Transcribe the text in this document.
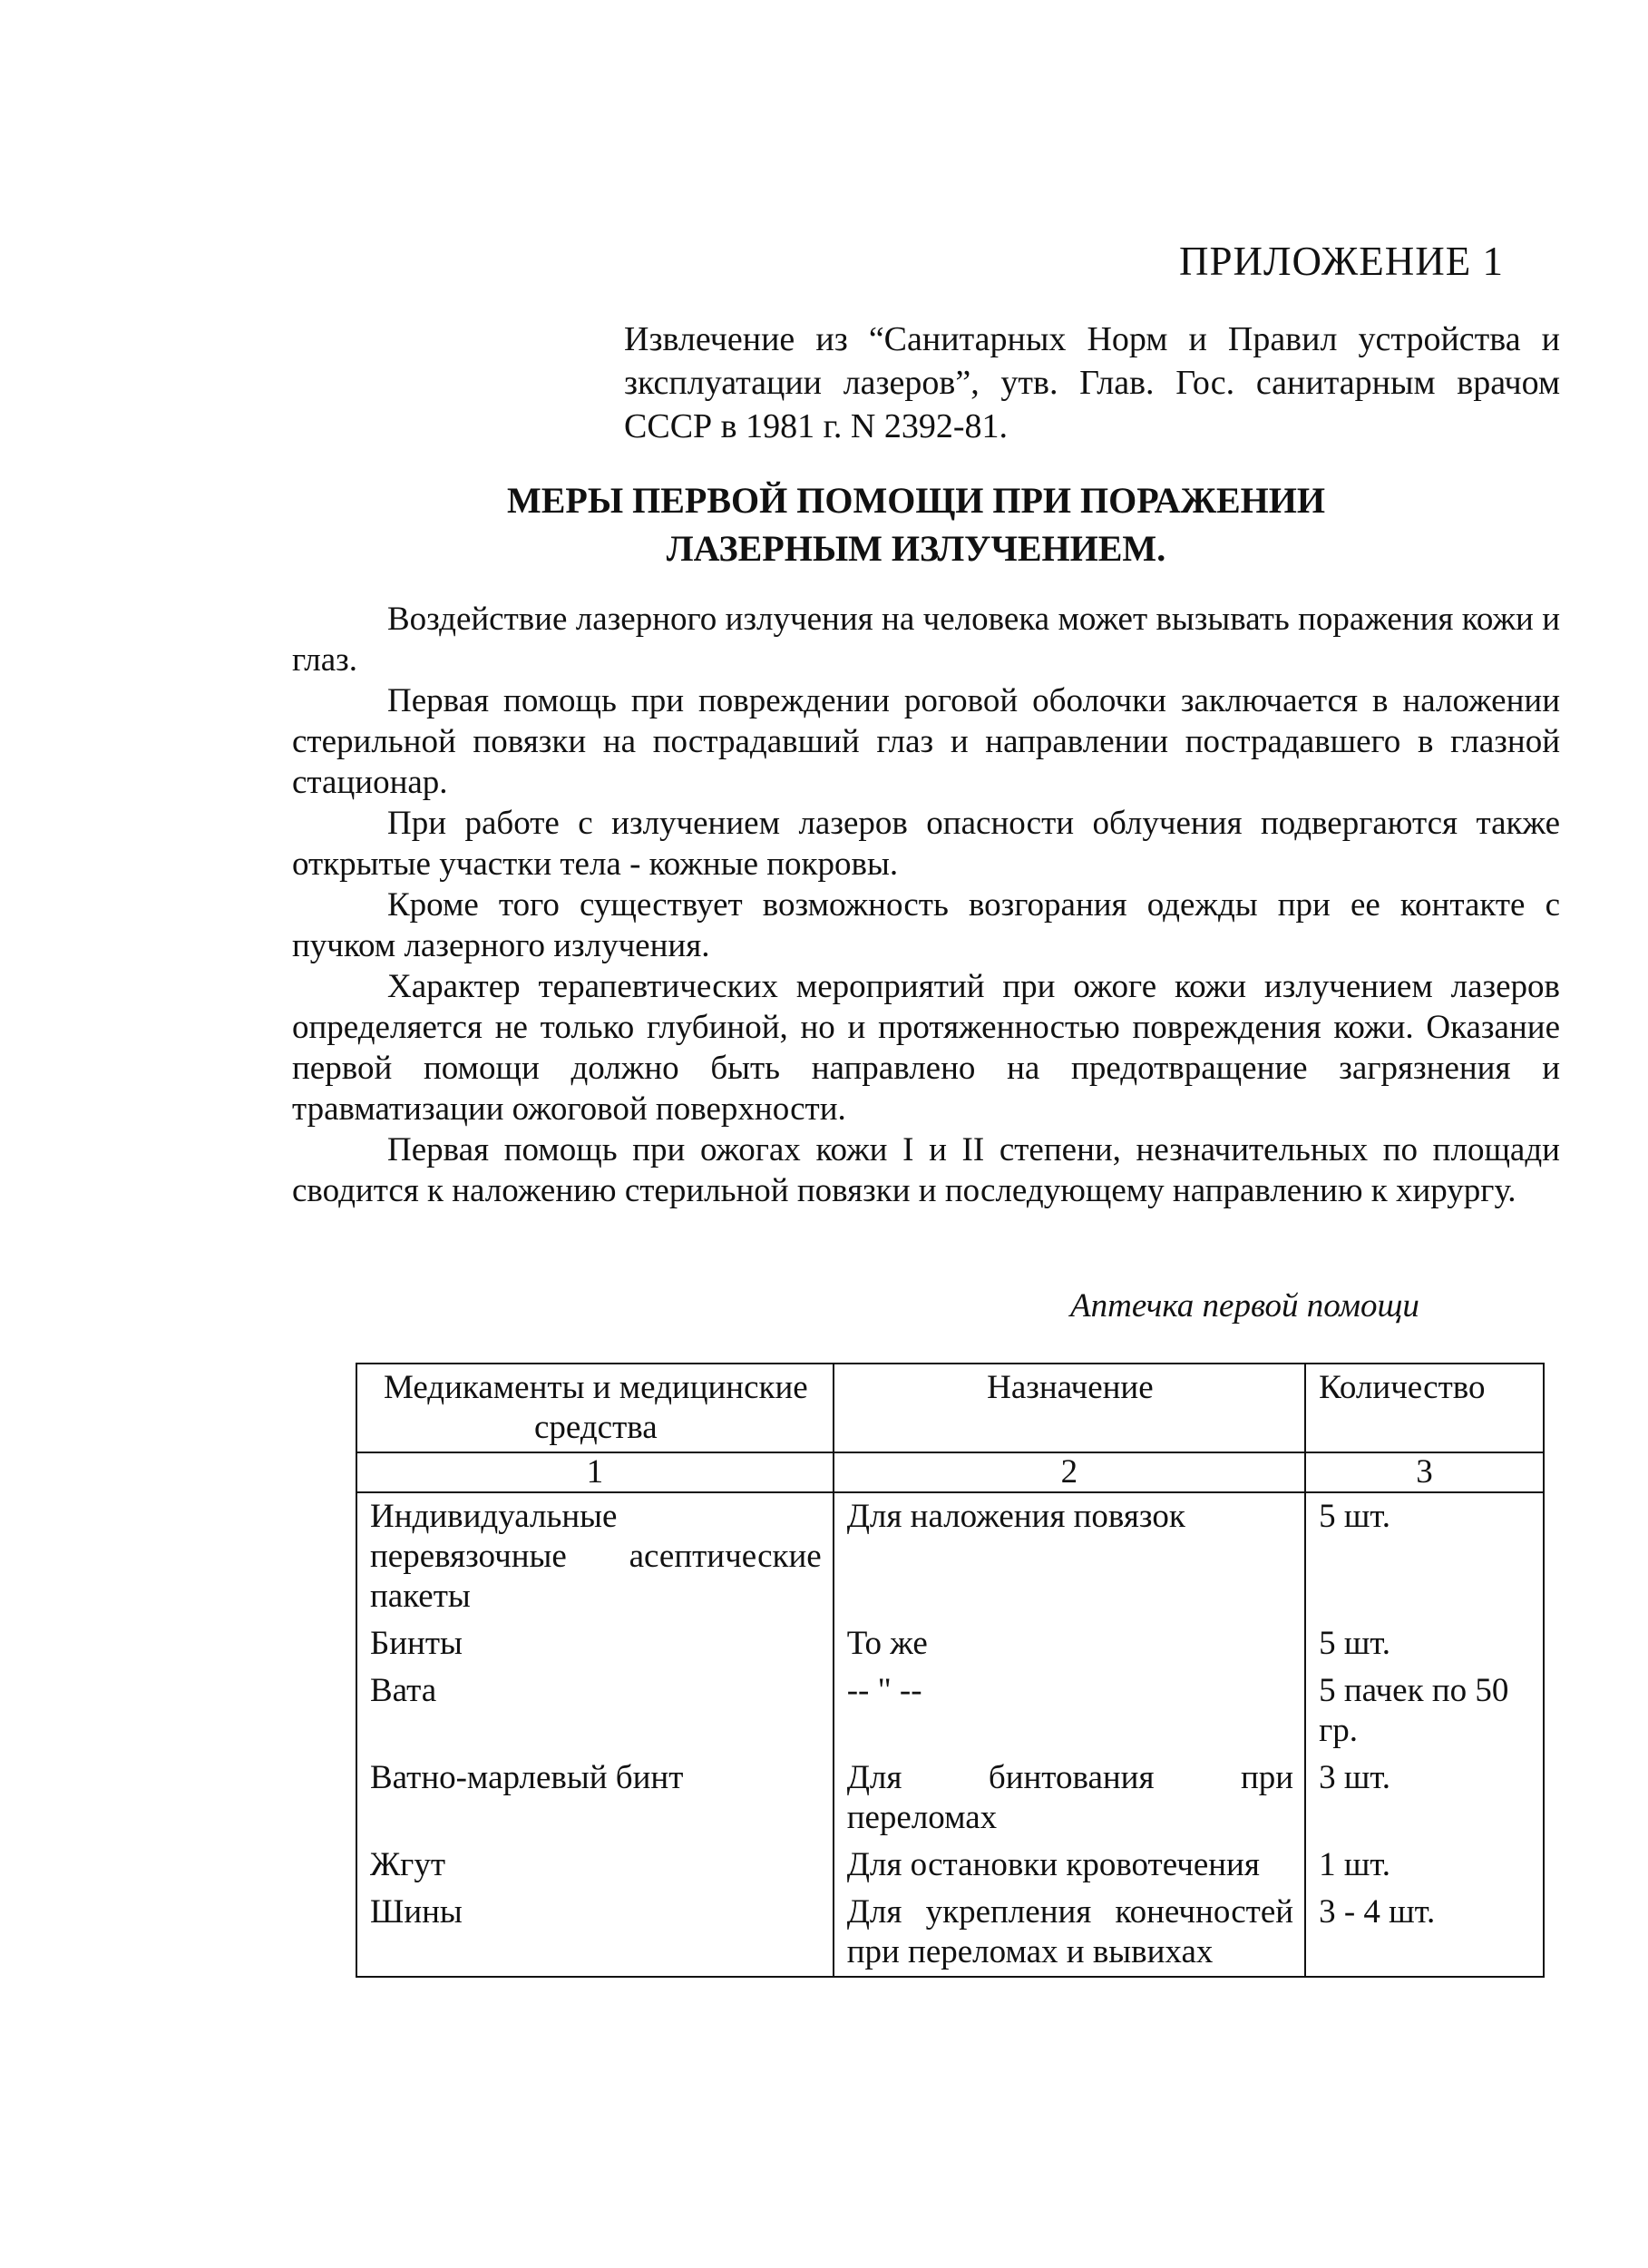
ПРИЛОЖЕНИЕ 1

Извлечение из “Санитарных Норм и Правил устройства и зксплуатации лазеров”, утв. Глав. Гос. санитарным врачом СССР в 1981 г. N 2392-81.

МЕРЫ ПЕРВОЙ ПОМОЩИ ПРИ ПОРАЖЕНИИ
ЛАЗЕРНЫМ ИЗЛУЧЕНИЕМ.

Воздействие лазерного излучения на человека может вызывать поражения кожи и глаз.

Первая помощь при повреждении роговой оболочки заключается в наложении стерильной повязки на пострадавший глаз и направлении пострадавшего в глазной стационар.

При работе с излучением лазеров опасности облучения подвергаются также открытые участки тела - кожные покровы.

Кроме того существует возможность возгорания одежды при ее контакте с пучком лазерного излучения.

Характер терапевтических мероприятий при ожоге кожи излучением лазеров определяется не только глубиной, но и протяженностью повреждения кожи. Оказание первой помощи должно быть направлено на предотвращение загрязнения и травматизации ожоговой поверхности.

Первая помощь при ожогах кожи I и II степени, незначительных по площади сводится к наложению стерильной повязки и последующему направлению к хирургу.

Аптечка первой помощи
Медикаменты и медицинские средства	Назначение	Количество
1	2	3
Индивидуальные перевязочные асептические пакеты	Для наложения повязок	5 шт.
Бинты	То же	5 шт.
Вата	-- " --	5 пачек по 50 гр.
Ватно-марлевый бинт	Для бинтования при переломах	3 шт.
Жгут	Для остановки кровотечения	1 шт.
Шины	Для укрепления конечностей при переломах и вывихах	3 - 4 шт.
